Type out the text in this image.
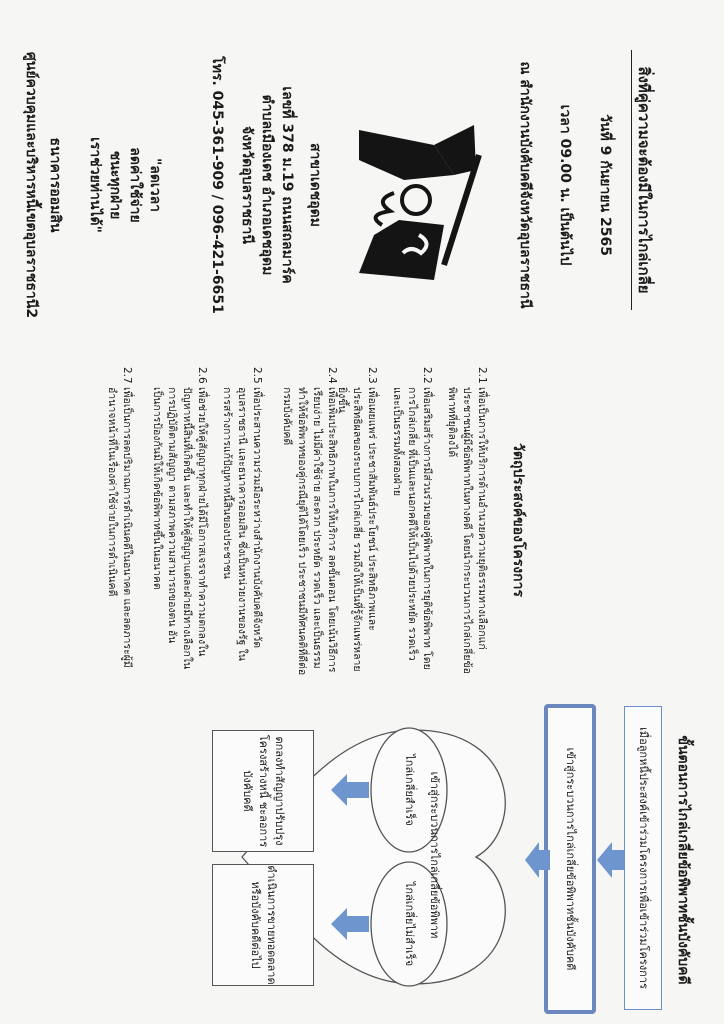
สิ่งที่คู่ความจะต้องมีในการไกล่เกลี่ย
วันที่ 9 กันยายน 2565
เวลา 09.00 น. เป็นต้นไป
ณ สำนักงานบังคับคดีจังหวัดอุบลราชธานี
สาขาเดชอุดม
เลขที่ 378 ม.19 ถนนสถลมาร์ค
ตำบลเมืองเดช อำเภอเดชอุดม
จังหวัดอุบลราชธานี
โทร. 045-361-909 / 096-421-6651
"ลดเวลา
ลดค่าใช้จ่าย
ชนะทุกฝ่าย
เราช่วยท่านได้"
ธนาคารออมสิน
ศูนย์ควบคุมและบริหารหนี้เขตอุบลราชธานี2
วัตถุประสงค์ของโครงการ
2.1
เพื่อเป็นการให้บริการด้านอำนวยความยุติธรรมทางเลือกแก่ประชาชนผู้มีข้อพิพาทในทางคดี โดยนำกระบวนการไกล่เกลี่ยข้อพิพาทที่ยุติลงได้
2.2
เพื่อเสริมสร้างการมีส่วนร่วมของคู่พิพาทในการยุติข้อพิพาท โดยการไกล่เกลี่ย ที่เป็นและนอกคดีให้เป็นไปด้วยประหยัด รวดเร็ว และเป็นธรรมทั้งสองฝ่าย
2.3
เพื่อเผยแพร่ ประชาสัมพันธ์ประโยชน์ ประสิทธิภาพและประสิทธิผลของระบบการไกล่เกลี่ย รวมถึงให้เป็นที่รู้จักแพร่หลายยิ่งขึ้น
2.4
เพื่อเพิ่มประสิทธิภาพในการให้บริการ ลดขั้นตอน โดยเน้นวิธีการเรียบง่าย ไม่มีค่าใช้จ่าย สะดวก ประหยัด รวดเร็ว และเป็นธรรม ทำให้ข้อพิพาทของคู่กรณียุติได้โดยเร็ว ประชาชนมีทัศนคติที่ดีต่อกรมบังคับคดี
2.5
เพื่อประสานความร่วมมือระหว่างสำนักงานบังคับคดีจังหวัดอุบลราชธานี และธนาคารออมสิน ซึ่งเป็นหน่วยงานของรัฐ ในการสร้างการแก้ปัญหาหนี้สินของประชาชน
2.6
เพื่อช่วยให้คู่สัญญาทุกฝ่ายได้มีโอกาสเจรจาทำความตกลงในปัญหาหนี้สินที่เกิดขึ้น และทำให้คู่สัญญาแต่ละฝ่ายมีทางเลือกในการปฏิบัติตามสัญญา ตามสภาพความสามารถของตน อันเป็นการป้องกันมิให้เกิดข้อพิพาทขึ้นในอนาคต
2.7
เพื่อเป็นการลดปริมาณการดำเนินคดีในอนาคต และลดภาระผู้มีอำนาจหน้าที่ในเรื่องค่าใช้จ่ายในการดำเนินคดี
ขั้นตอนการไกล่เกลี่ยข้อพิพาทชั้นบังคับคดี
เมื่อลูกหนี้ประสงค์เข้าร่วมโครงการเพื่อเข้าร่วมโครงการ
เข้าสู่กระบวนการไกล่เกลี่ยข้อพิพาทชั้นบังคับคดี
เข้าสู่กระบวนการไกล่เกลี่ยข้อพิพาท
ไกล่เกลี่ยสำเร็จ
ไกล่เกลี่ยไม่สำเร็จ
ตกลงทำสัญญาปรับปรุงโครงสร้างหนี้ ชะลอการบังคับคดี
ดำเนินการขายทอดตลาดหรือบังคับคดีต่อไป
